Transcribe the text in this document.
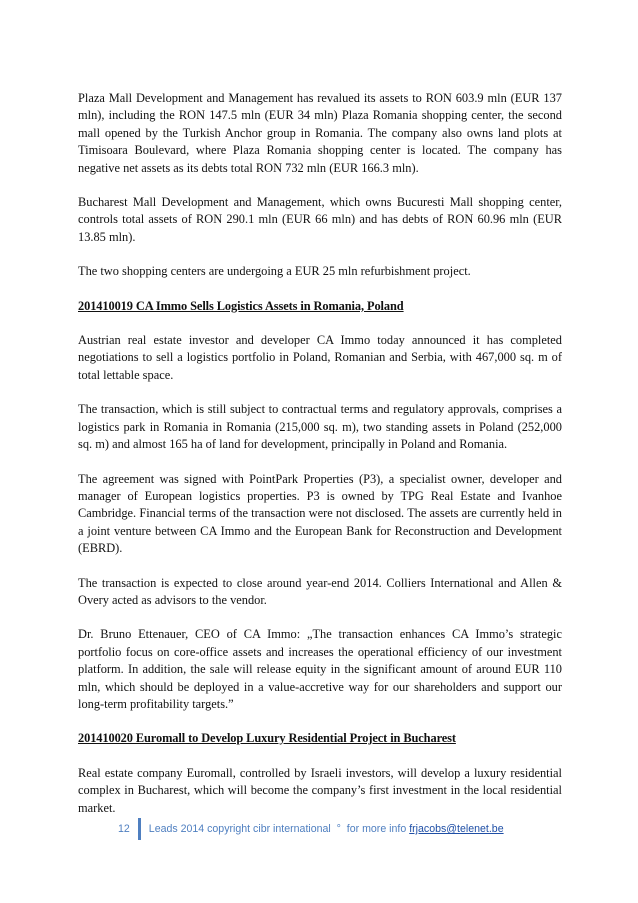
Plaza Mall Development and Management has revalued its assets to RON 603.9 mln (EUR 137 mln), including the RON 147.5 mln (EUR 34 mln) Plaza Romania shopping center, the second mall opened by the Turkish Anchor group in Romania. The company also owns land plots at Timisoara Boulevard, where Plaza Romania shopping center is located. The company has negative net assets as its debts total RON 732 mln (EUR 166.3 mln).

Bucharest Mall Development and Management, which owns Bucuresti Mall shopping center, controls total assets of RON 290.1 mln (EUR 66 mln) and has debts of RON 60.96 mln (EUR 13.85 mln).

The two shopping centers are undergoing a EUR 25 mln refurbishment project.

201410019 CA Immo Sells Logistics Assets in Romania, Poland

Austrian real estate investor and developer CA Immo today announced it has completed negotiations to sell a logistics portfolio in Poland, Romanian and Serbia, with 467,000 sq. m of total lettable space.

The transaction, which is still subject to contractual terms and regulatory approvals, comprises a logistics park in Romania in Romania (215,000 sq. m), two standing assets in Poland (252,000 sq. m) and almost 165 ha of land for development, principally in Poland and Romania.

The agreement was signed with PointPark Properties (P3), a specialist owner, developer and manager of European logistics properties. P3 is owned by TPG Real Estate and Ivanhoe Cambridge. Financial terms of the transaction were not disclosed. The assets are currently held in a joint venture between CA Immo and the European Bank for Reconstruction and Development (EBRD).

The transaction is expected to close around year-end 2014. Colliers International and Allen & Overy acted as advisors to the vendor.

Dr. Bruno Ettenauer, CEO of CA Immo: „The transaction enhances CA Immo’s strategic portfolio focus on core-office assets and increases the operational efficiency of our investment platform. In addition, the sale will release equity in the significant amount of around EUR 110 mln, which should be deployed in a value-accretive way for our shareholders and support our long-term profitability targets.”

201410020 Euromall to Develop Luxury Residential Project in Bucharest

Real estate company Euromall, controlled by Israeli investors, will develop a luxury residential complex in Bucharest, which will become the company’s first investment in the local residential market.

12 Leads 2014 copyright cibr international  °  for more info frjacobs@telenet.be
